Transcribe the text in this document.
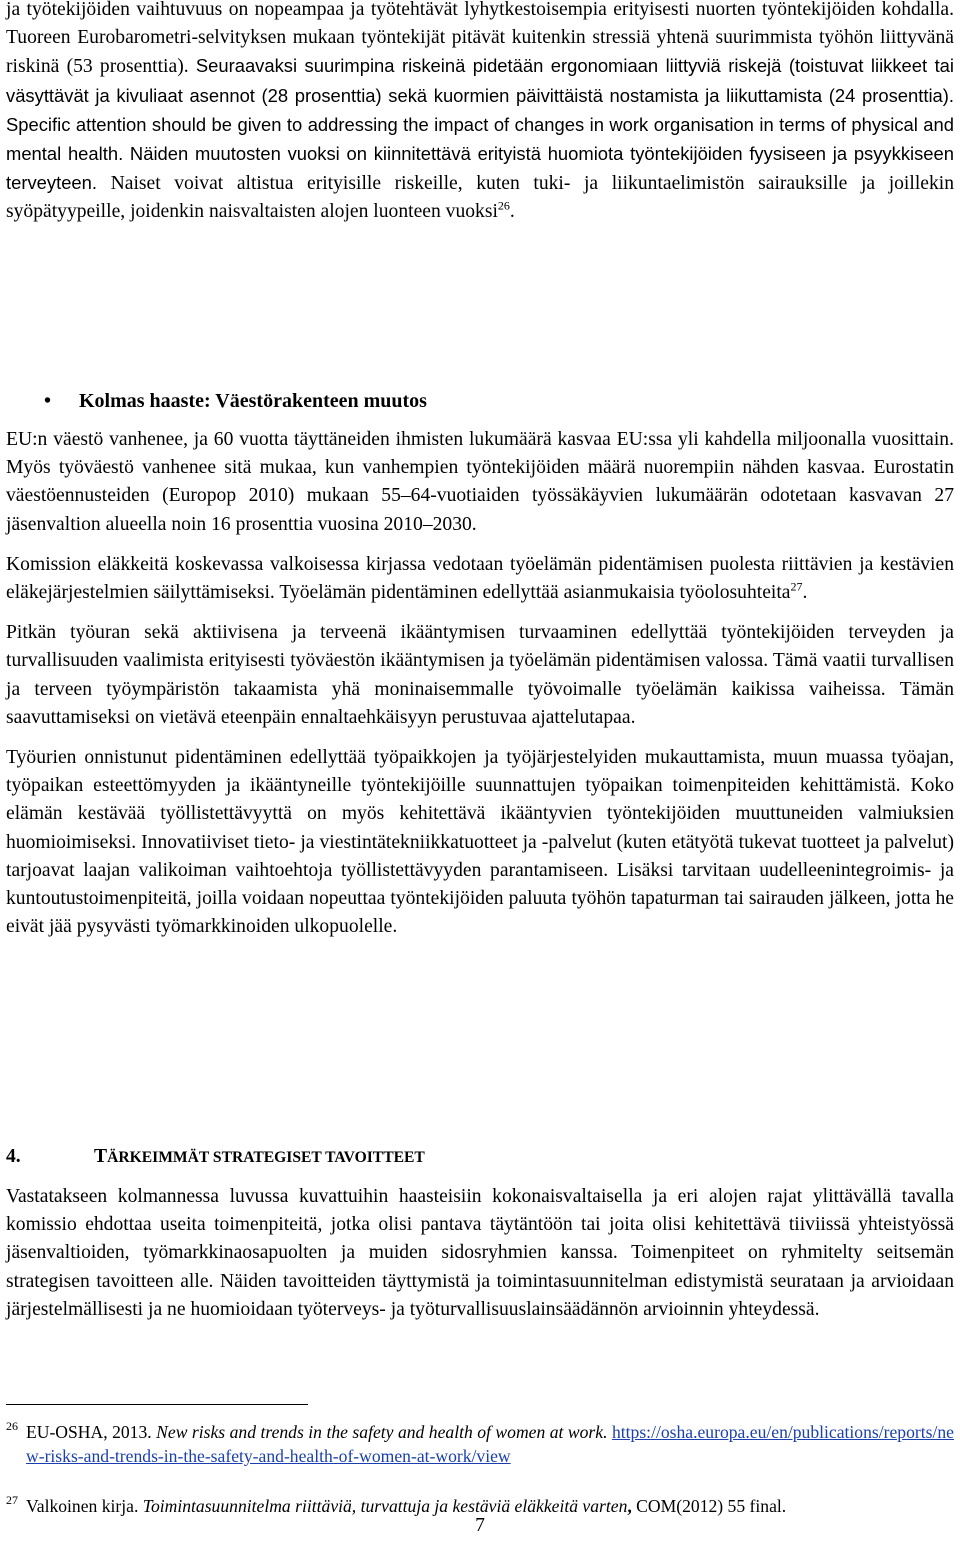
ja työtekijöiden vaihtuvuus on nopeampaa ja työtehtävät lyhytkestoisempia erityisesti nuorten työntekijöiden kohdalla. Tuoreen Eurobarometri-selvityksen mukaan työntekijät pitävät kuitenkin stressiä yhtenä suurimmista työhön liittyvänä riskinä (53 prosenttia). Seuraavaksi suurimpina riskeinä pidetään ergonomiaan liittyviä riskejä (toistuvat liikkeet tai väsyttävät ja kivuliaat asennot (28 prosenttia) sekä kuormien päivittäistä nostamista ja liikuttamista (24 prosenttia). Specific attention should be given to addressing the impact of changes in work organisation in terms of physical and mental health. Näiden muutosten vuoksi on kiinnitettävä erityistä huomiota työntekijöiden fyysiseen ja psyykkiseen terveyteen. Naiset voivat altistua erityisille riskeille, kuten tuki- ja liikuntaelimistön sairauksille ja joillekin syöpätyypeille, joidenkin naisvaltaisten alojen luonteen vuoksi$^{26}$.

• Kolmas haaste: Väestörakenteen muutos

EU:n väestö vanhenee, ja 60 vuotta täyttäneiden ihmisten lukumäärä kasvaa EU:ssa yli kahdella miljoonalla vuosittain. Myös työväestö vanhenee sitä mukaa, kun vanhempien työntekijöiden määrä nuorempiin nähden kasvaa. Eurostatin väestöennusteiden (Europop 2010) mukaan 55–64-vuotiaiden työssäkäyvien lukumäärän odotetaan kasvavan 27 jäsenvaltion alueella noin 16 prosenttia vuosina 2010–2030.

Komission eläkkeitä koskevassa valkoisessa kirjassa vedotaan työelämän pidentämisen puolesta riittävien ja kestävien eläkejärjestelmien säilyttämiseksi. Työelämän pidentäminen edellyttää asianmukaisia työolosuhteita$^{27}$.

Pitkän työuran sekä aktiivisena ja terveenä ikääntymisen turvaaminen edellyttää työntekijöiden terveyden ja turvallisuuden vaalimista erityisesti työväestön ikääntymisen ja työelämän pidentämisen valossa. Tämä vaatii turvallisen ja terveen työympäristön takaamista yhä moninaisemmalle työvoimalle työelämän kaikissa vaiheissa. Tämän saavuttamiseksi on vietävä eteenpäin ennaltaehkäisyyn perustuvaa ajattelutapaa.

Työurien onnistunut pidentäminen edellyttää työpaikkojen ja työjärjestelyiden mukauttamista, muun muassa työajan, työpaikan esteettömyyden ja ikääntyneille työntekijöille suunnattujen työpaikan toimenpiteiden kehittämistä. Koko elämän kestävää työllistettävyyttä on myös kehitettävä ikääntyvien työntekijöiden muuttuneiden valmiuksien huomioimiseksi. Innovatiiviset tieto- ja viestintätekniikkatuotteet ja -palvelut (kuten etätyötä tukevat tuotteet ja palvelut) tarjoavat laajan valikoiman vaihtoehtoja työllistettävyyden parantamiseen. Lisäksi tarvitaan uudelleenintegroimis- ja kuntoutustoimenpiteitä, joilla voidaan nopeuttaa työntekijöiden paluuta työhön tapaturman tai sairauden jälkeen, jotta he eivät jää pysyvästi työmarkkinoiden ulkopuolelle.

4.	TÄRKEIMMÄT STRATEGISET TAVOITTEET

Vastatakseen kolmannessa luvussa kuvattuihin haasteisiin kokonaisvaltaisella ja eri alojen rajat ylittävällä tavalla komissio ehdottaa useita toimenpiteitä, jotka olisi pantava täytäntöön tai joita olisi kehitettävä tiiviissä yhteistyössä jäsenvaltioiden, työmarkkinaosapuolten ja muiden sidosryhmien kanssa. Toimenpiteet on ryhmitelty seitsemän strategisen tavoitteen alle. Näiden tavoitteiden täyttymistä ja toimintasuunnitelman edistymistä seurataan ja arvioidaan järjestelmällisesti ja ne huomioidaan työterveys- ja työturvallisuuslainsäädännön arvioinnin yhteydessä.

26 EU-OSHA, 2013. New risks and trends in the safety and health of women at work. https://osha.europa.eu/en/publications/reports/new-risks-and-trends-in-the-safety-and-health-of-women-at-work/view
27 Valkoinen kirja. Toimintasuunnitelma riittäviä, turvattuja ja kestäviä eläkkeitä varten, COM(2012) 55 final.
7
